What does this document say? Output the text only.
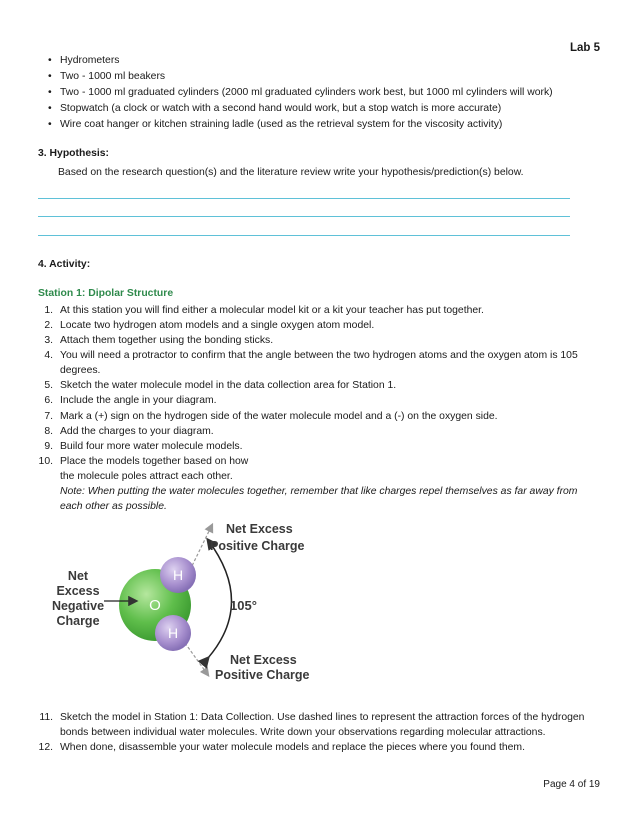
Lab 5
• Hydrometers
• Two - 1000 ml beakers
• Two - 1000 ml graduated cylinders (2000 ml graduated cylinders work best, but 1000 ml cylinders will work)
• Stopwatch (a clock or watch with a second hand would work, but a stop watch is more accurate)
• Wire coat hanger or kitchen straining ladle (used as the retrieval system for the viscosity activity)
3. Hypothesis:
Based on the research question(s) and the literature review write your hypothesis/prediction(s) below.
4. Activity:
Station 1: Dipolar Structure
1. At this station you will find either a molecular model kit or a kit your teacher has put together.
2. Locate two hydrogen atom models and a single oxygen atom model.
3. Attach them together using the bonding sticks.
4. You will need a protractor to confirm that the angle between the two hydrogen atoms and the oxygen atom is 105 degrees.
5. Sketch the water molecule model in the data collection area for Station 1.
6. Include the angle in your diagram.
7. Mark a (+) sign on the hydrogen side of the water molecule model and a (-) on the oxygen side.
8. Add the charges to your diagram.
9. Build four more water molecule models.
10. Place the models together based on how
the molecule poles attract each other.
Note: When putting the water molecules together, remember that like charges repel themselves as far away from each other as possible.
O
H
H
Net Excess
Positive Charge
Net
Excess
Negative
Charge
105°
Net Excess
Positive Charge
11. Sketch the model in Station 1: Data Collection. Use dashed lines to represent the attraction forces of the hydrogen bonds between individual water molecules. Write down your observations regarding molecular attractions.
12. When done, disassemble your water molecule models and replace the pieces where you found them.
Page 4 of 19
